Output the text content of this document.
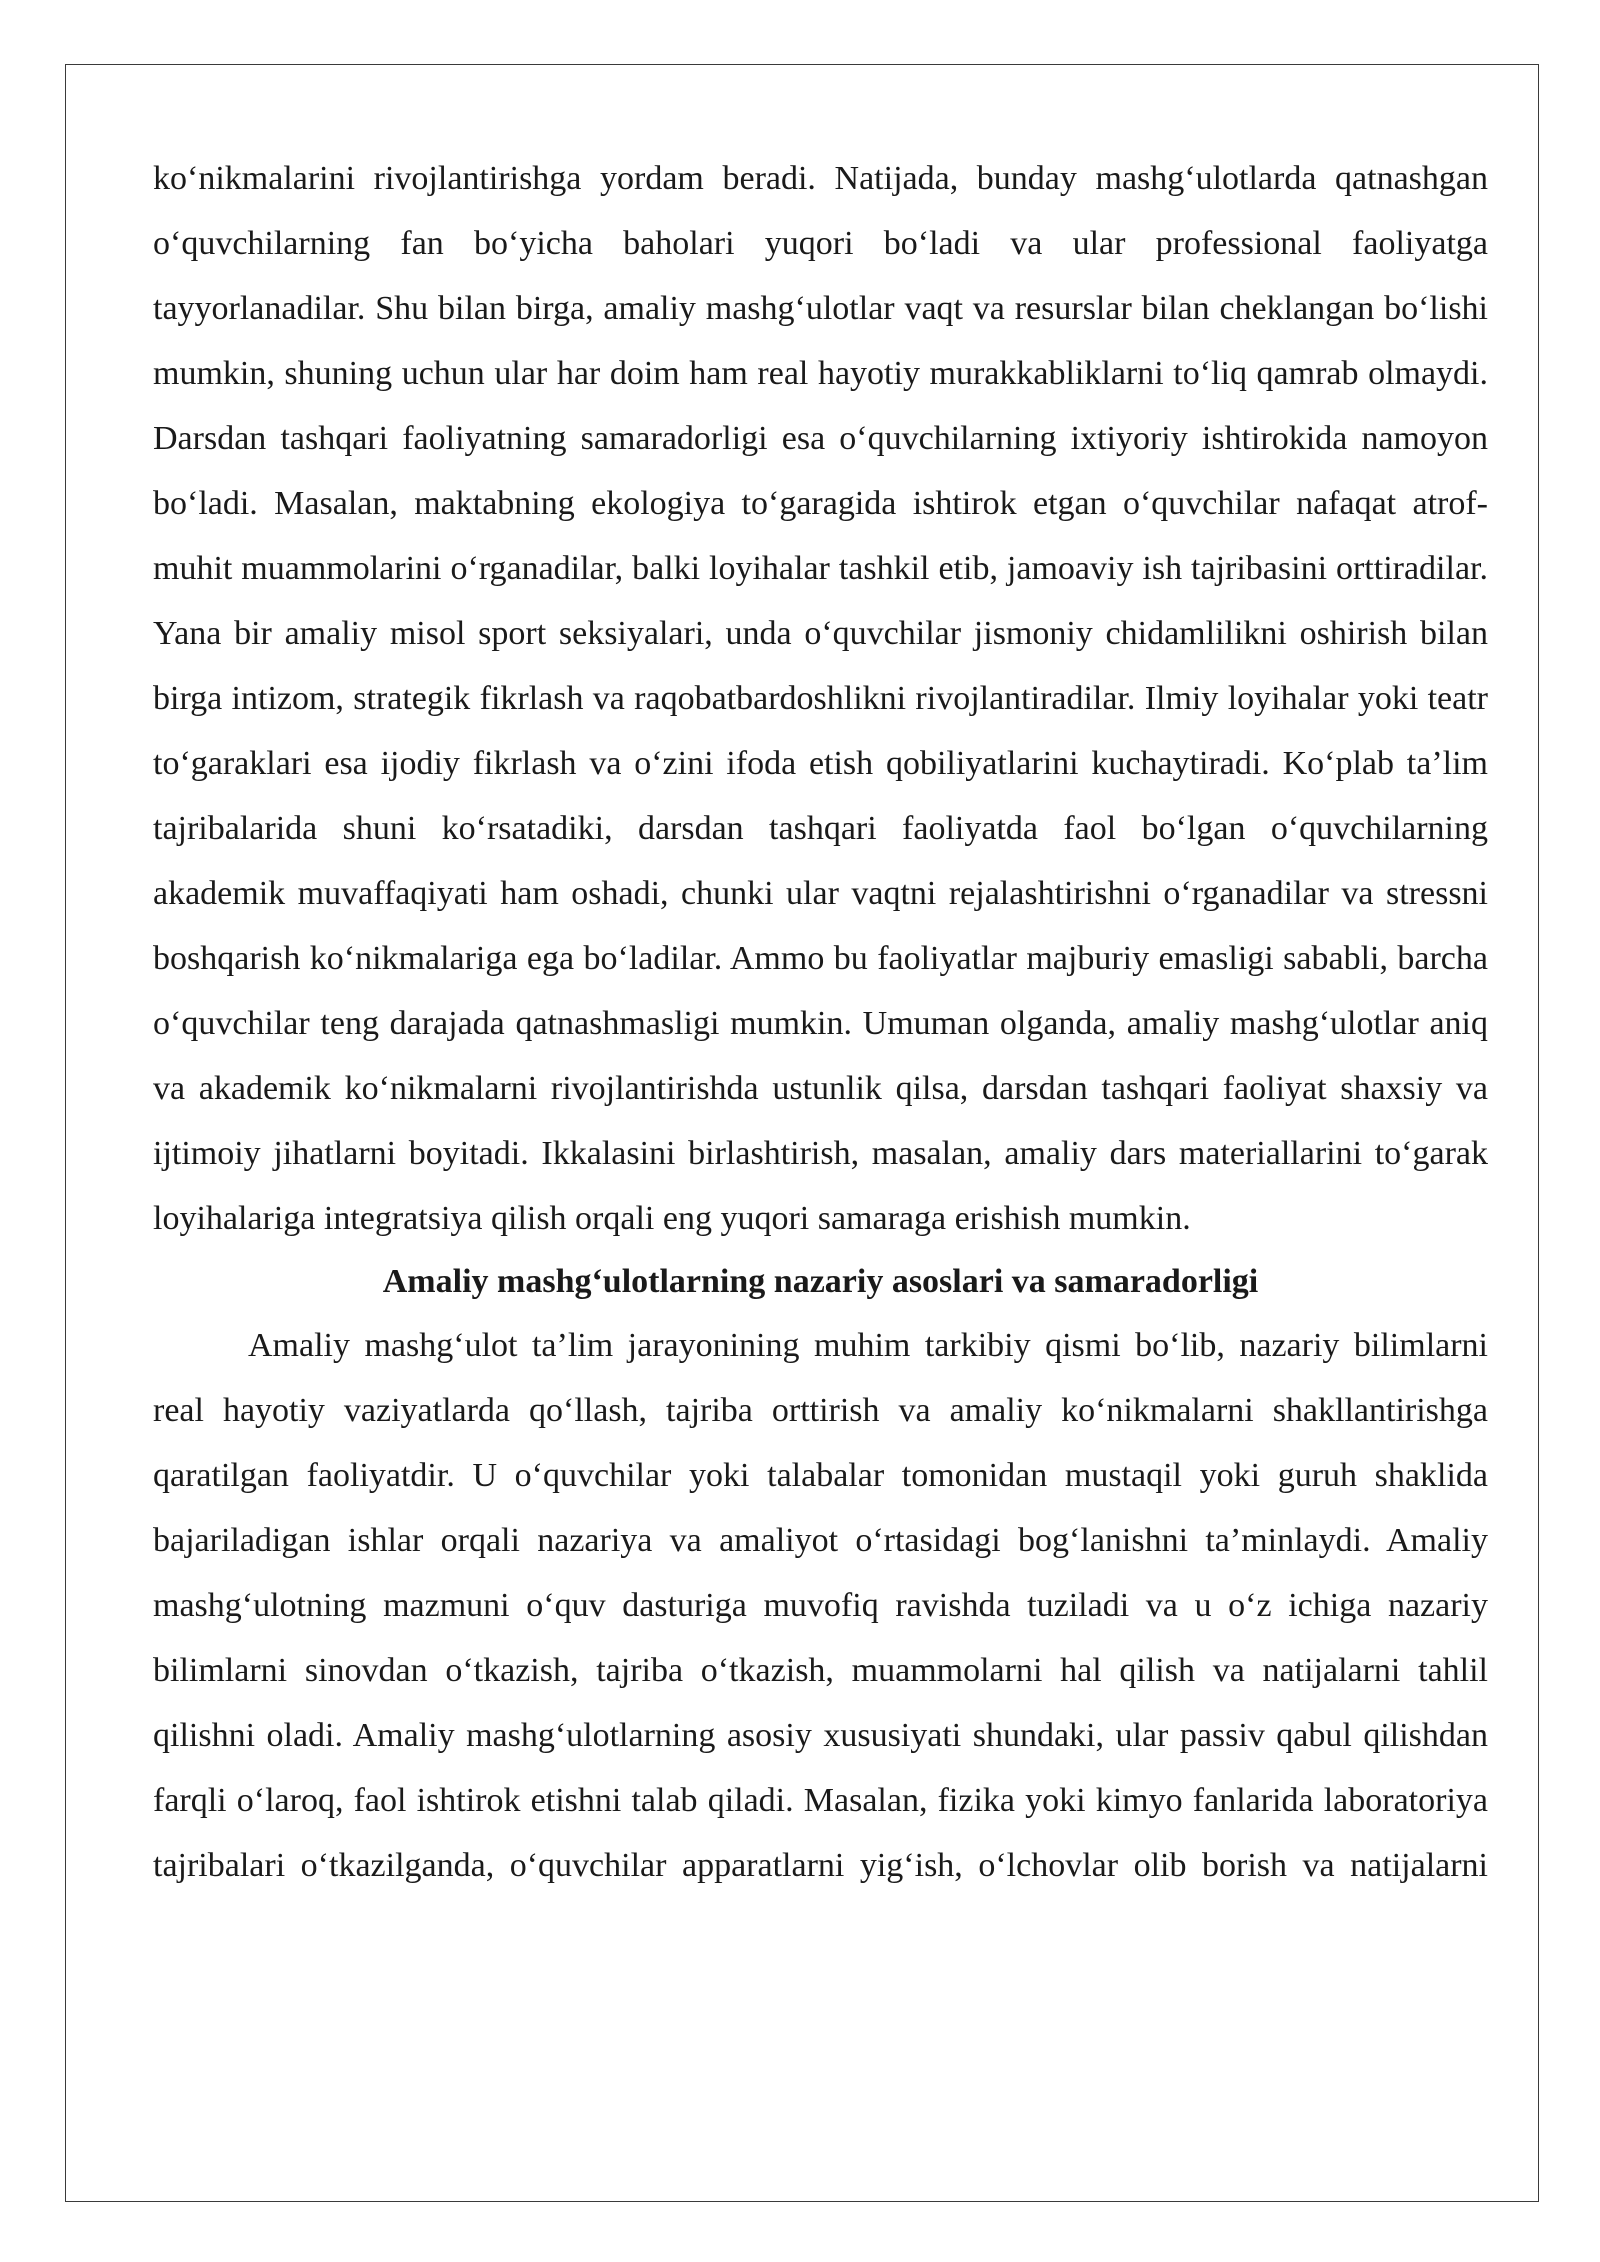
ko‘nikmalarini rivojlantirishga yordam beradi. Natijada, bunday mashg‘ulotlarda qatnashgan o‘quvchilarning fan bo‘yicha baholari yuqori bo‘ladi va ular professional faoliyatga tayyorlanadilar. Shu bilan birga, amaliy mashg‘ulotlar vaqt va resurslar bilan cheklangan bo‘lishi mumkin, shuning uchun ular har doim ham real hayotiy murakkabliklarni to‘liq qamrab olmaydi. Darsdan tashqari faoliyatning samaradorligi esa o‘quvchilarning ixtiyoriy ishtirokida namoyon bo‘ladi. Masalan, maktabning ekologiya to‘garagida ishtirok etgan o‘quvchilar nafaqat atrof-muhit muammolarini o‘rganadilar, balki loyihalar tashkil etib, jamoaviy ish tajribasini orttiradilar. Yana bir amaliy misol sport seksiyalari, unda o‘quvchilar jismoniy chidamlilikni oshirish bilan birga intizom, strategik fikrlash va raqobatbardoshlikni rivojlantiradilar. Ilmiy loyihalar yoki teatr to‘garaklari esa ijodiy fikrlash va o‘zini ifoda etish qobiliyatlarini kuchaytiradi. Ko‘plab ta’lim tajribalarida shuni ko‘rsatadiki, darsdan tashqari faoliyatda faol bo‘lgan o‘quvchilarning akademik muvaffaqiyati ham oshadi, chunki ular vaqtni rejalashtirishni o‘rganadilar va stressni boshqarish ko‘nikmalariga ega bo‘ladilar. Ammo bu faoliyatlar majburiy emasligi sababli, barcha o‘quvchilar teng darajada qatnashmasligi mumkin. Umuman olganda, amaliy mashg‘ulotlar aniq va akademik ko‘nikmalarni rivojlantirishda ustunlik qilsa, darsdan tashqari faoliyat shaxsiy va ijtimoiy jihatlarni boyitadi. Ikkalasini birlashtirish, masalan, amaliy dars materiallarini to‘garak loyihalariga integratsiya qilish orqali eng yuqori samaraga erishish mumkin.

Amaliy mashg‘ulotlarning nazariy asoslari va samaradorligi

Amaliy mashg‘ulot ta’lim jarayonining muhim tarkibiy qismi bo‘lib, nazariy bilimlarni real hayotiy vaziyatlarda qo‘llash, tajriba orttirish va amaliy ko‘nikmalarni shakllantirishga qaratilgan faoliyatdir. U o‘quvchilar yoki talabalar tomonidan mustaqil yoki guruh shaklida bajariladigan ishlar orqali nazariya va amaliyot o‘rtasidagi bog‘lanishni ta’minlaydi. Amaliy mashg‘ulotning mazmuni o‘quv dasturiga muvofiq ravishda tuziladi va u o‘z ichiga nazariy bilimlarni sinovdan o‘tkazish, tajriba o‘tkazish, muammolarni hal qilish va natijalarni tahlil qilishni oladi. Amaliy mashg‘ulotlarning asosiy xususiyati shundaki, ular passiv qabul qilishdan farqli o‘laroq, faol ishtirok etishni talab qiladi. Masalan, fizika yoki kimyo fanlarida laboratoriya tajribalari o‘tkazilganda, o‘quvchilar apparatlarni yig‘ish, o‘lchovlar olib borish va natijalarni
